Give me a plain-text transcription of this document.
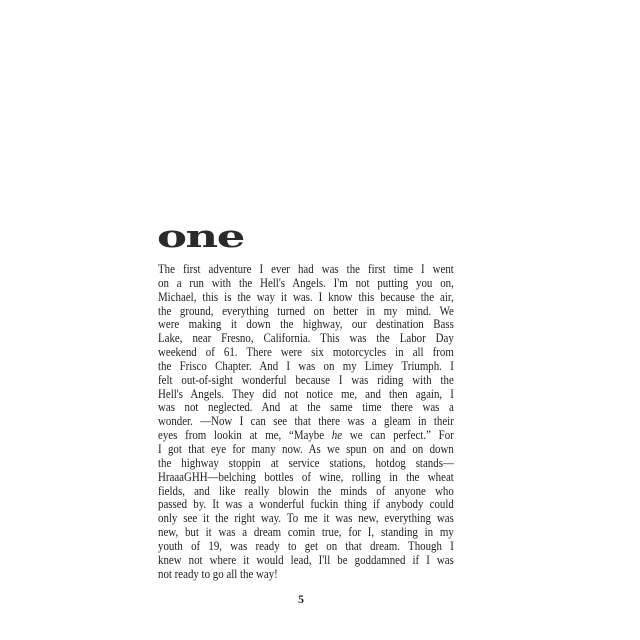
one
The first adventure I ever had was the first time I went
on a run with the Hell's Angels. I'm not putting you on,
Michael, this is the way it was. I know this because the air,
the ground, everything turned on better in my mind. We
were making it down the highway, our destination Bass
Lake, near Fresno, California. This was the Labor Day
weekend of 61. There were six motorcycles in all from
the Frisco Chapter. And I was on my Limey Triumph. I
felt out-of-sight wonderful because I was riding with the
Hell's Angels. They did not notice me, and then again, I
was not neglected. And at the same time there was a
wonder. —Now I can see that there was a gleam in their
eyes from lookin at me, “Maybe he we can perfect.” For
I got that eye for many now. As we spun on and on down
the highway stoppin at service stations, hotdog stands—
HraaaGHH—belching bottles of wine, rolling in the wheat
fields, and like really blowin the minds of anyone who
passed by. It was a wonderful fuckin thing if anybody could
only see it the right way. To me it was new, everything was
new, but it was a dream comin true, for I, standing in my
youth of 19, was ready to get on that dream. Though I
knew not where it would lead, I'll be goddamned if I was
not ready to go all the way!
5
